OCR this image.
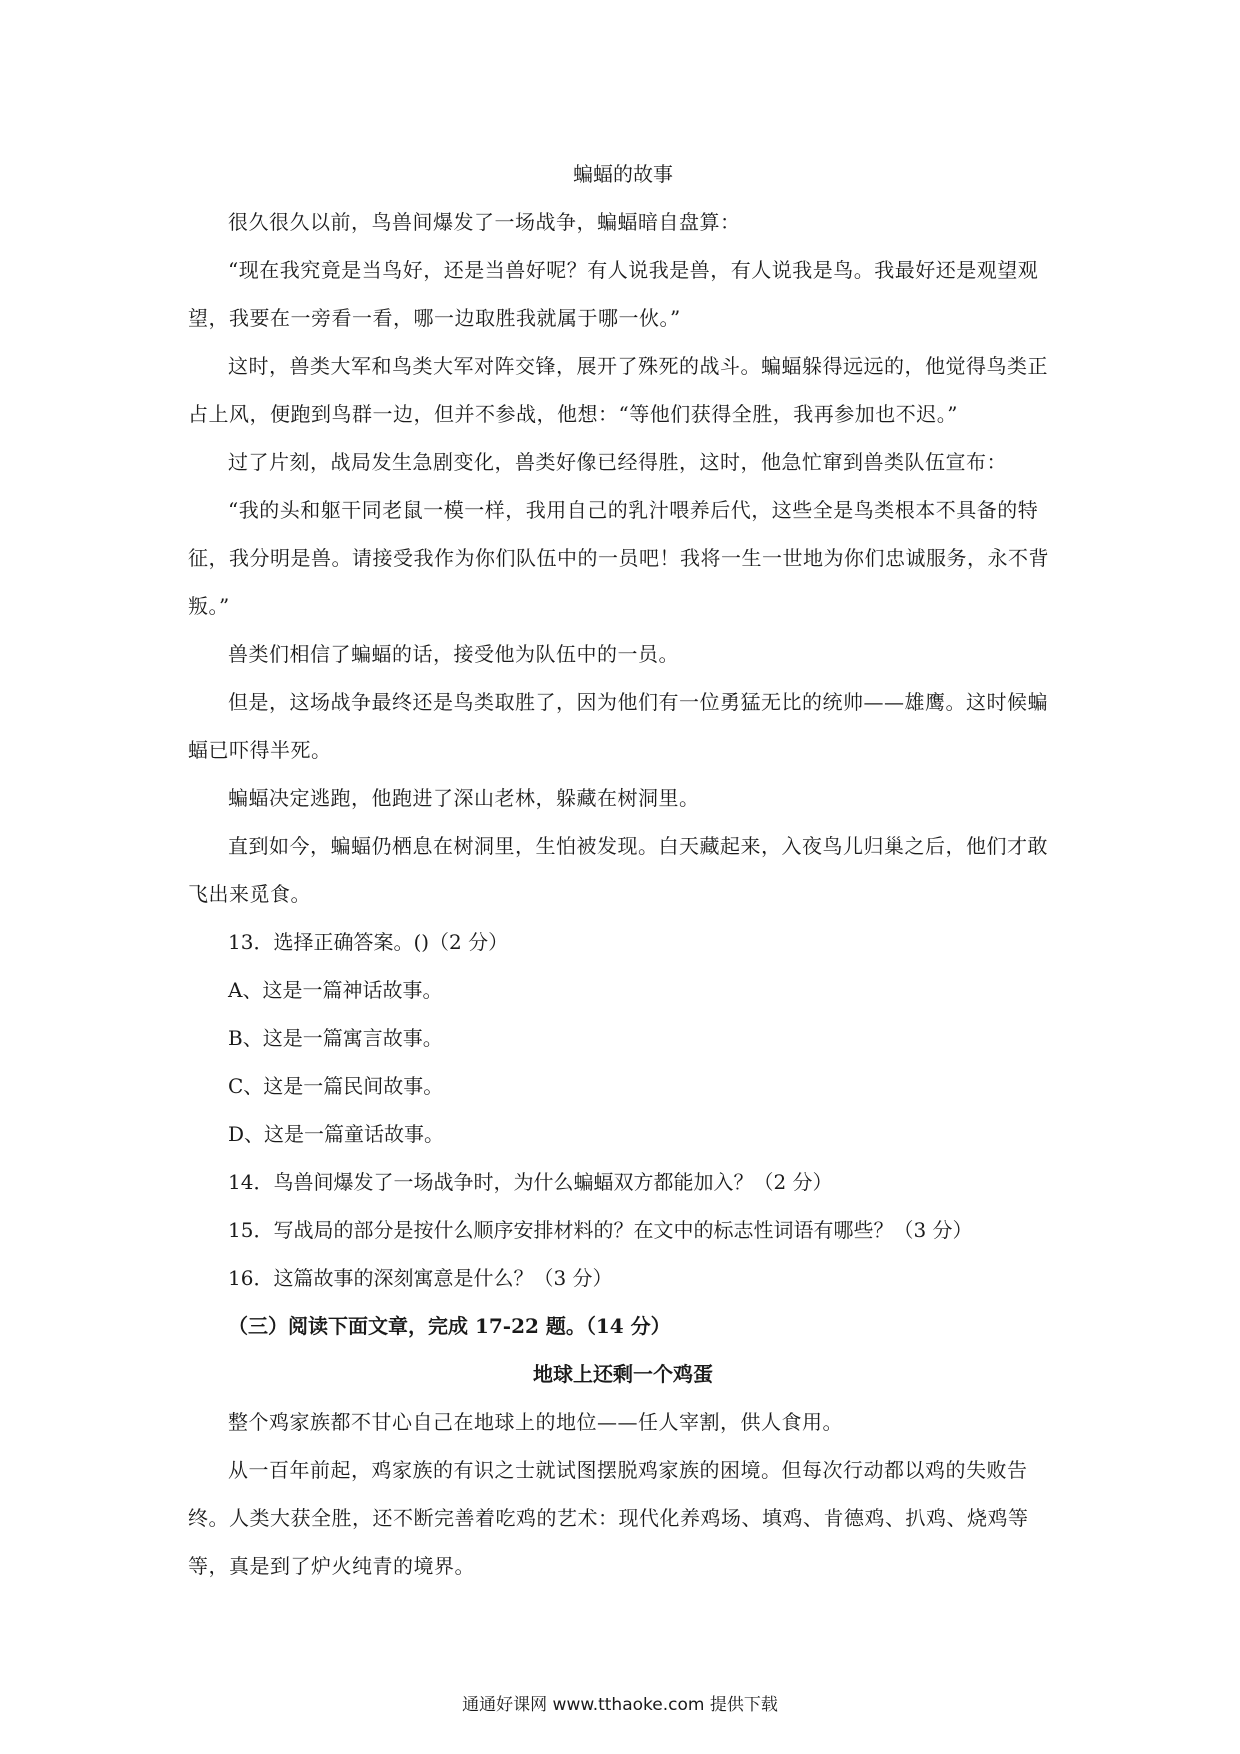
蝙蝠的故事

很久很久以前，鸟兽间爆发了一场战争，蝙蝠暗自盘算：

“现在我究竟是当鸟好，还是当兽好呢？有人说我是兽，有人说我是鸟。我最好还是观望观望，我要在一旁看一看，哪一边取胜我就属于哪一伙。”

这时，兽类大军和鸟类大军对阵交锋，展开了殊死的战斗。蝙蝠躲得远远的，他觉得鸟类正占上风，便跑到鸟群一边，但并不参战，他想：“等他们获得全胜，我再参加也不迟。”

过了片刻，战局发生急剧变化，兽类好像已经得胜，这时，他急忙窜到兽类队伍宣布：

“我的头和躯干同老鼠一模一样，我用自己的乳汁喂养后代，这些全是鸟类根本不具备的特征，我分明是兽。请接受我作为你们队伍中的一员吧！我将一生一世地为你们忠诚服务，永不背叛。”

兽类们相信了蝙蝠的话，接受他为队伍中的一员。

但是，这场战争最终还是鸟类取胜了，因为他们有一位勇猛无比的统帅——雄鹰。这时候蝙蝠已吓得半死。

蝙蝠决定逃跑，他跑进了深山老林，躲藏在树洞里。

直到如今，蝙蝠仍栖息在树洞里，生怕被发现。白天藏起来，入夜鸟儿归巢之后，他们才敢飞出来觅食。

13．选择正确答案。()（2 分）

A、这是一篇神话故事。

B、这是一篇寓言故事。

C、这是一篇民间故事。

D、这是一篇童话故事。

14．鸟兽间爆发了一场战争时，为什么蝙蝠双方都能加入？（2 分）

15．写战局的部分是按什么顺序安排材料的？在文中的标志性词语有哪些？（3 分）

16．这篇故事的深刻寓意是什么？（3 分）

（三）阅读下面文章，完成 17-22 题。（14 分）

地球上还剩一个鸡蛋

整个鸡家族都不甘心自己在地球上的地位——任人宰割，供人食用。

从一百年前起，鸡家族的有识之士就试图摆脱鸡家族的困境。但每次行动都以鸡的失败告终。人类大获全胜，还不断完善着吃鸡的艺术：现代化养鸡场、填鸡、肯德鸡、扒鸡、烧鸡等等，真是到了炉火纯青的境界。

通通好课网 www.tthaoke.com 提供下载
